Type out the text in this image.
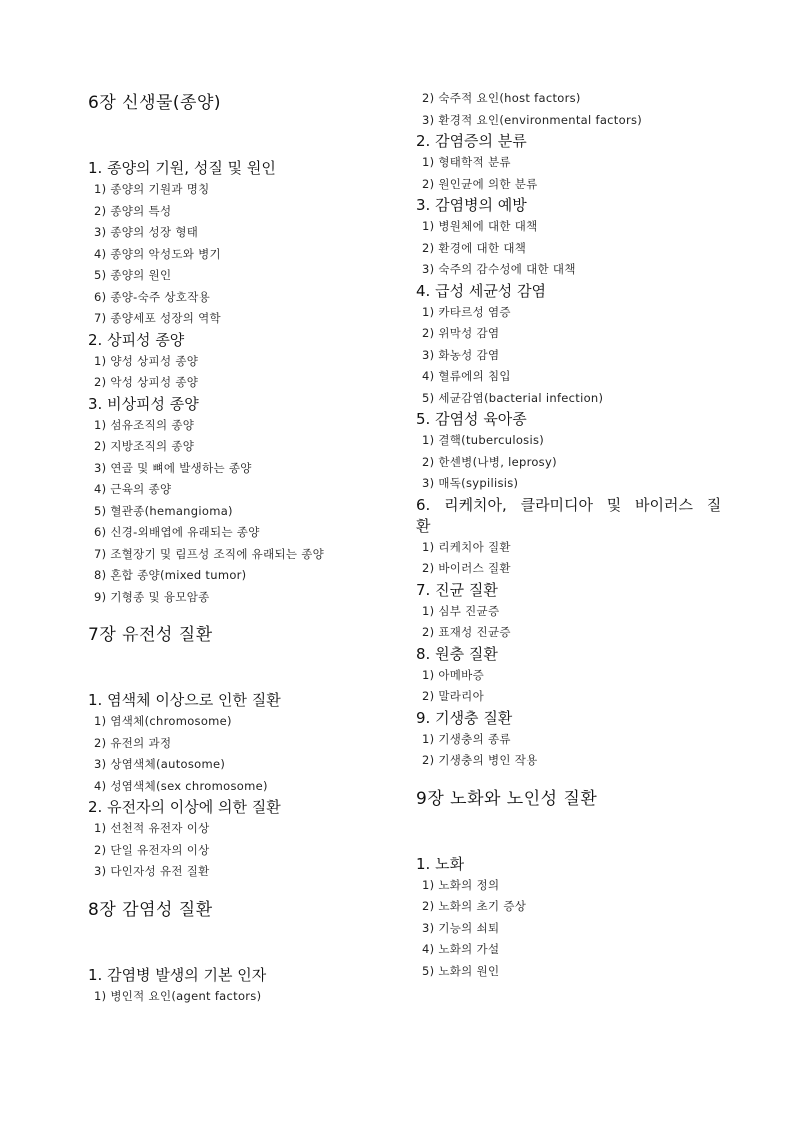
6장 신생물(종양)
1. 종양의 기원, 성질 및 원인
1) 종양의 기원과 명칭
2) 종양의 특성
3) 종양의 성장 형태
4) 종양의 악성도와 병기
5) 종양의 원인
6) 종양-숙주 상호작용
7) 종양세포 성장의 역학
2. 상피성 종양
1) 양성 상피성 종양
2) 악성 상피성 종양
3. 비상피성 종양
1) 섬유조직의 종양
2) 지방조직의 종양
3) 연골 및 뼈에 발생하는 종양
4) 근육의 종양
5) 혈관종(hemangioma)
6) 신경-외배엽에 유래되는 종양
7) 조혈장기 및 림프성 조직에 유래되는 종양
8) 혼합 종양(mixed tumor)
9) 기형종 및 융모암종
7장 유전성 질환
1. 염색체 이상으로 인한 질환
1) 염색체(chromosome)
2) 유전의 과정
3) 상염색체(autosome)
4) 성염색체(sex chromosome)
2. 유전자의 이상에 의한 질환
1) 선천적 유전자 이상
2) 단일 유전자의 이상
3) 다인자성 유전 질환
8장 감염성 질환
1. 감염병 발생의 기본 인자
1) 병인적 요인(agent factors)
2) 숙주적 요인(host factors)
3) 환경적 요인(environmental factors)
2. 감염증의 분류
1) 형태학적 분류
2) 원인균에 의한 분류
3. 감염병의 예방
1) 병원체에 대한 대책
2) 환경에 대한 대책
3) 숙주의 감수성에 대한 대책
4. 급성 세균성 감염
1) 카타르성 염증
2) 위막성 감염
3) 화농성 감염
4) 혈류에의 침입
5) 세균감염(bacterial infection)
5. 감염성 육아종
1) 결핵(tuberculosis)
2) 한센병(나병, leprosy)
3) 매독(sypilisis)
6. 리케치아, 클라미디아 및 바이러스 질환
1) 리케치아 질환
2) 바이러스 질환
7. 진균 질환
1) 심부 진균증
2) 표재성 진균증
8. 원충 질환
1) 아메바증
2) 말라리아
9. 기생충 질환
1) 기생충의 종류
2) 기생충의 병인 작용
9장 노화와 노인성 질환
1. 노화
1) 노화의 정의
2) 노화의 초기 증상
3) 기능의 쇠퇴
4) 노화의 가설
5) 노화의 원인
